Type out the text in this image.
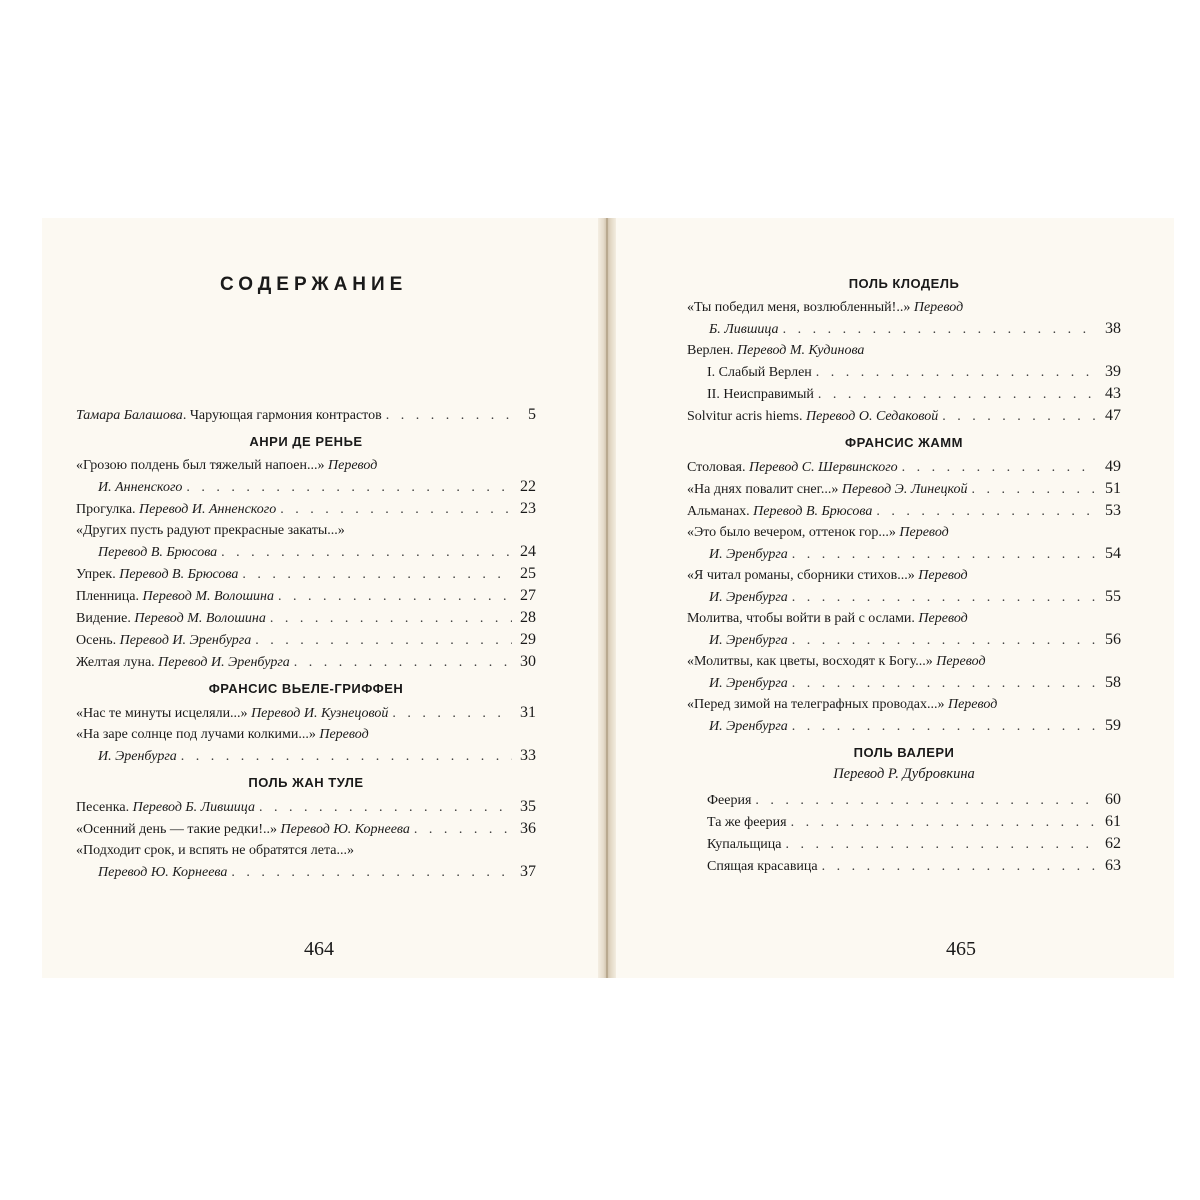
СОДЕРЖАНИЕ
Тамара Балашова. Чарующая гармония контрастов . . .	5
АНРИ ДЕ РЕНЬЕ
«Грозою полдень был тяжелый напоен...» Перевод
И. Анненского . . .	22
Прогулка. Перевод И. Анненского . . .	23
«Других пусть радуют прекрасные закаты...»
Перевод В. Брюсова . . .	24
Упрек. Перевод В. Брюсова . . .	25
Пленница. Перевод М. Волошина . . .	27
Видение. Перевод М. Волошина . . .	28
Осень. Перевод И. Эренбурга . . .	29
Желтая луна. Перевод И. Эренбурга . . .	30
ФРАНСИС ВЬЕЛЕ-ГРИФФЕН
«Нас те минуты исцеляли...» Перевод И. Кузнецовой . . .	31
«На заре солнце под лучами колкими...» Перевод
И. Эренбурга . . .	33
ПОЛЬ ЖАН ТУЛЕ
Песенка. Перевод Б. Лившица . . .	35
«Осенний день — такие редки!..» Перевод Ю. Корнеева . . .	36
«Подходит срок, и вспять не обратятся лета...»
Перевод Ю. Корнеева . . .	37
464
ПОЛЬ КЛОДЕЛЬ
«Ты победил меня, возлюбленный!..» Перевод
Б. Лившица . . .	38
Верлен. Перевод М. Кудинова
I. Слабый Верлен . . .	39
II. Неисправимый . . .	43
Solvitur acris hiems. Перевод О. Седаковой . . .	47
ФРАНСИС ЖАММ
Столовая. Перевод С. Шервинского . . .	49
«На днях повалит снег...» Перевод Э. Линецкой . . .	51
Альманах. Перевод В. Брюсова . . .	53
«Это было вечером, оттенок гор...» Перевод
И. Эренбурга . . .	54
«Я читал романы, сборники стихов...» Перевод
И. Эренбурга . . .	55
Молитва, чтобы войти в рай с ослами. Перевод
И. Эренбурга . . .	56
«Молитвы, как цветы, восходят к Богу...» Перевод
И. Эренбурга . . .	58
«Перед зимой на телеграфных проводах...» Перевод
И. Эренбурга . . .	59
ПОЛЬ ВАЛЕРИ
Перевод Р. Дубровкина
Феерия . . .	60
Та же феерия . . .	61
Купальщица . . .	62
Спящая красавица . . .	63
465
